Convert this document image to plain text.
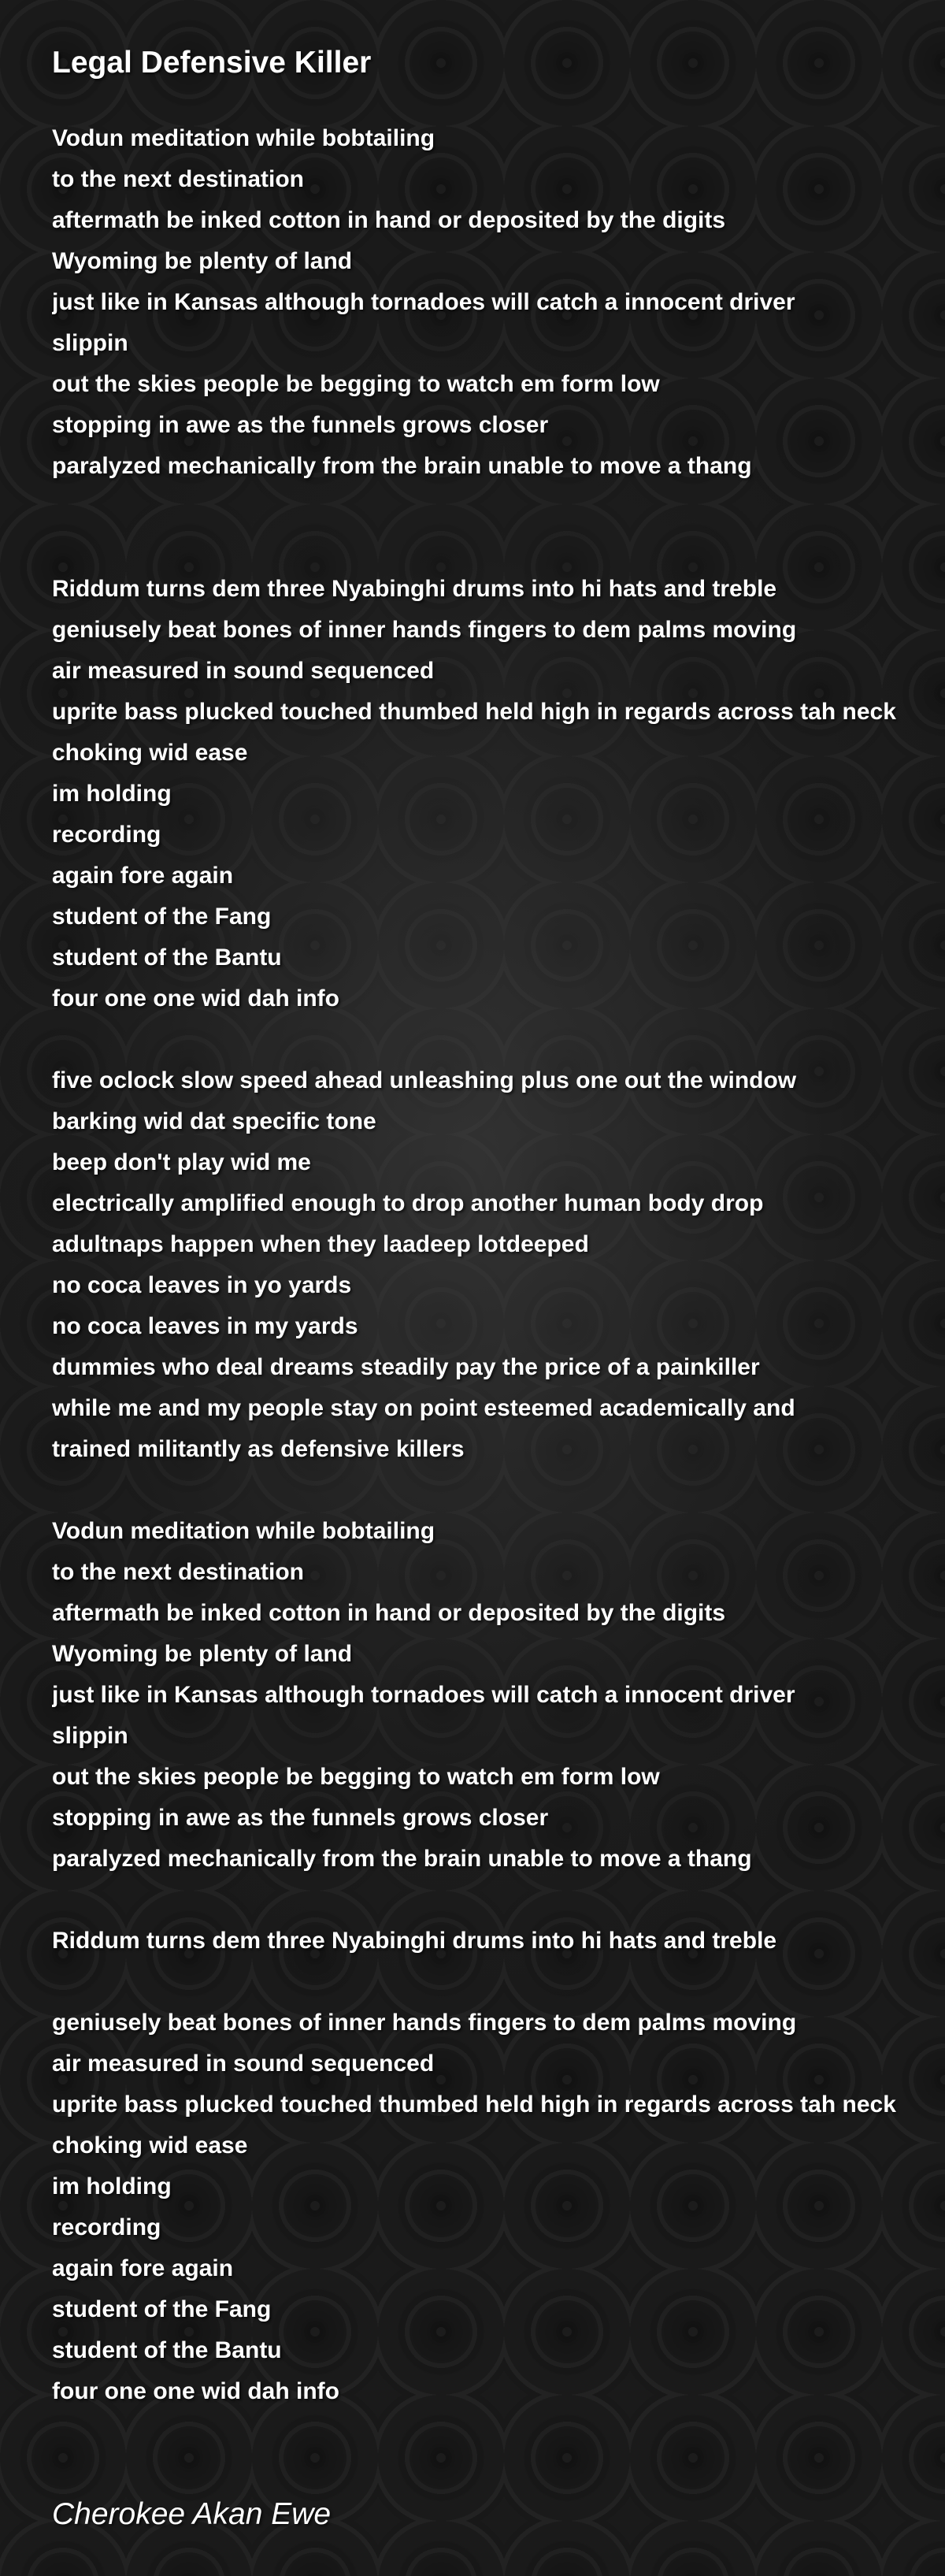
Legal Defensive Killer
Vodun meditation while bobtailing
to the next destination
aftermath be inked cotton in hand or deposited by the digits
Wyoming be plenty of land
just like in Kansas although tornadoes will catch a innocent driver
slippin
out the skies people be begging to watch em form low
stopping in awe as the funnels grows closer
paralyzed mechanically from the brain unable to move a thang
Riddum turns dem three Nyabinghi drums into hi hats and treble
geniusely beat bones of inner hands fingers to dem palms moving
air measured in sound sequenced
uprite bass plucked touched thumbed held high in regards across tah neck
choking wid ease
im holding
recording
again fore again
student of the Fang
student of the Bantu
four one one wid dah info
five oclock slow speed ahead unleashing plus one out the window
barking wid dat specific tone
beep don't play wid me
electrically amplified enough to drop another human body drop
adultnaps happen when they laadeep lotdeeped
no coca leaves in yo yards
no coca leaves in my yards
dummies who deal dreams steadily pay the price of a painkiller
while me and my people stay on point esteemed academically and
trained militantly as defensive killers
Vodun meditation while bobtailing
to the next destination
aftermath be inked cotton in hand or deposited by the digits
Wyoming be plenty of land
just like in Kansas although tornadoes will catch a innocent driver
slippin
out the skies people be begging to watch em form low
stopping in awe as the funnels grows closer
paralyzed mechanically from the brain unable to move a thang
Riddum turns dem three Nyabinghi drums into hi hats and treble
geniusely beat bones of inner hands fingers to dem palms moving
air measured in sound sequenced
uprite bass plucked touched thumbed held high in regards across tah neck
choking wid ease
im holding
recording
again fore again
student of the Fang
student of the Bantu
four one one wid dah info
Cherokee Akan Ewe
